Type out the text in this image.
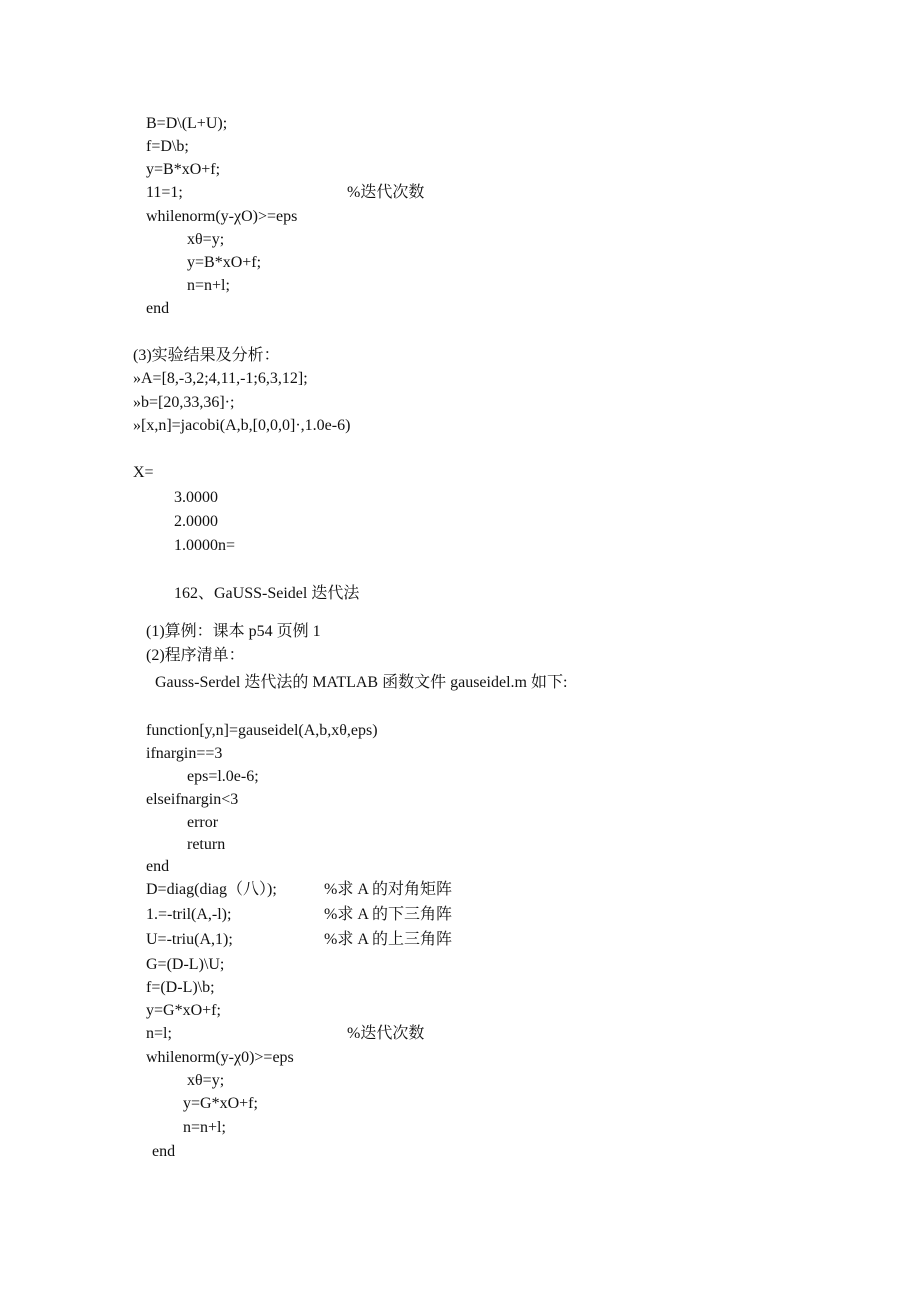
B=D\(L+U);
f=D\b;
y=B*xO+f;
11=1;	%迭代次数
whilenorm(y-χO)>=eps
xθ=y;
y=B*xO+f;
n=n+l;
end
(3)实验结果及分析：
»A=[8,-3,2;4,11,-1;6,3,12];
»b=[20,33,36]·;
»[x,n]=jacobi(A,b,[0,0,0]·,1.0e-6)
X=
3.0000
2.0000
1.0000n=
162、GaUSS-Seidel 迭代法
(1)算例：课本 p54 页例 1
(2)程序清单：
Gauss-Serdel 迭代法的 MATLAB 函数文件 gauseidel.m 如下:
function[y,n]=gauseidel(A,b,xθ,eps)
ifnargin==3
eps=l.0e-6;
elseifnargin<3
error
return
end
D=diag(diag（八）);	%求 A 的对角矩阵
1.=-tril(A,-l);	%求 A 的下三角阵
U=-triu(A,1);	%求 A 的上三角阵
G=(D-L)\U;
f=(D-L)\b;
y=G*xO+f;
n=l;	%迭代次数
whilenorm(y-χ0)>=eps
xθ=y;
y=G*xO+f;
n=n+l;
end
